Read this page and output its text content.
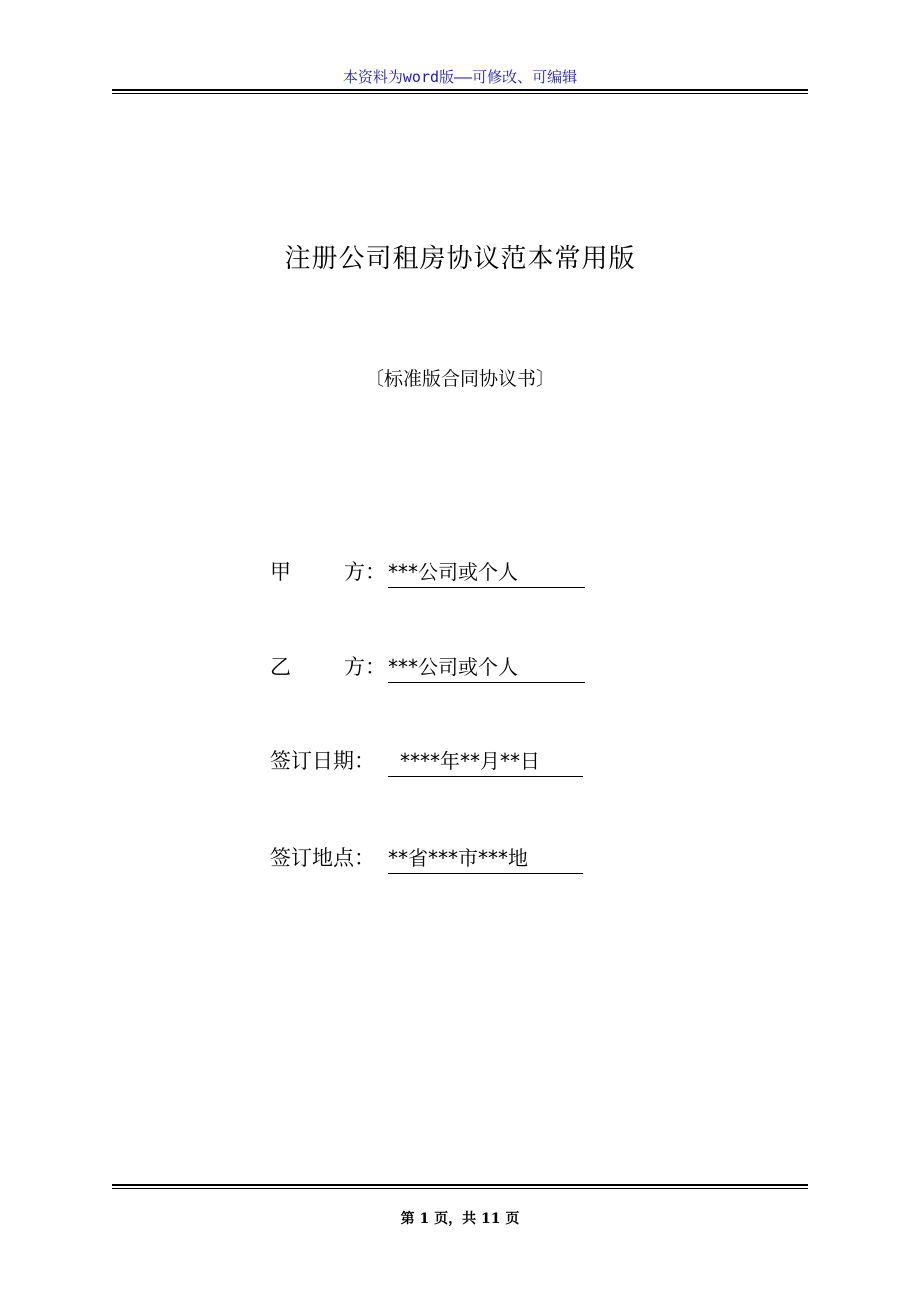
本资料为word版——可修改、可编辑
注册公司租房协议范本常用版
〔标准版合同协议书〕
甲	方： ***公司或个人
乙	方： ***公司或个人
签订日期： ****年**月**日
签订地点： **省***市***地
第 1 页，共 11 页
